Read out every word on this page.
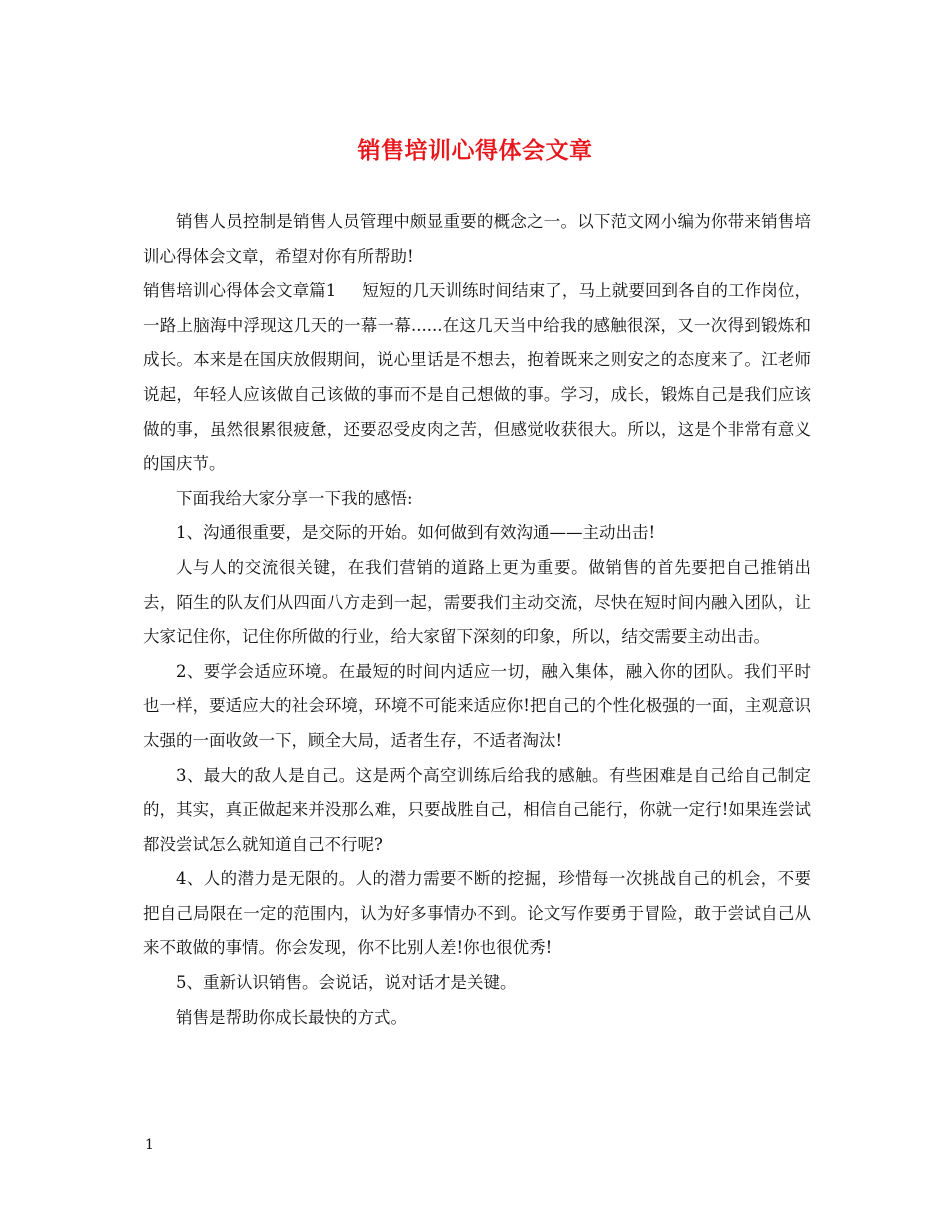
销售培训心得体会文章

销售人员控制是销售人员管理中颇显重要的概念之一。以下范文网小编为你带来销售培训心得体会文章，希望对你有所帮助!

销售培训心得体会文章篇1 短短的几天训练时间结束了，马上就要回到各自的工作岗位，一路上脑海中浮现这几天的一幕一幕......在这几天当中给我的感触很深，又一次得到锻炼和成长。本来是在国庆放假期间，说心里话是不想去，抱着既来之则安之的态度来了。江老师说起，年轻人应该做自己该做的事而不是自己想做的事。学习，成长，锻炼自己是我们应该做的事，虽然很累很疲惫，还要忍受皮肉之苦，但感觉收获很大。所以，这是个非常有意义的国庆节。

下面我给大家分享一下我的感悟:

1、沟通很重要，是交际的开始。如何做到有效沟通——主动出击!

人与人的交流很关键，在我们营销的道路上更为重要。做销售的首先要把自己推销出去，陌生的队友们从四面八方走到一起，需要我们主动交流，尽快在短时间内融入团队，让大家记住你，记住你所做的行业，给大家留下深刻的印象，所以，结交需要主动出击。

2、要学会适应环境。在最短的时间内适应一切，融入集体，融入你的团队。我们平时也一样，要适应大的社会环境，环境不可能来适应你!把自己的个性化极强的一面，主观意识太强的一面收敛一下，顾全大局，适者生存，不适者淘汰!

3、最大的敌人是自己。这是两个高空训练后给我的感触。有些困难是自己给自己制定的，其实，真正做起来并没那么难，只要战胜自己，相信自己能行，你就一定行!如果连尝试都没尝试怎么就知道自己不行呢?

4、人的潜力是无限的。人的潜力需要不断的挖掘，珍惜每一次挑战自己的机会，不要把自己局限在一定的范围内，认为好多事情办不到。论文写作要勇于冒险，敢于尝试自己从来不敢做的事情。你会发现，你不比别人差!你也很优秀!

5、重新认识销售。会说话，说对话才是关键。

销售是帮助你成长最快的方式。

1
